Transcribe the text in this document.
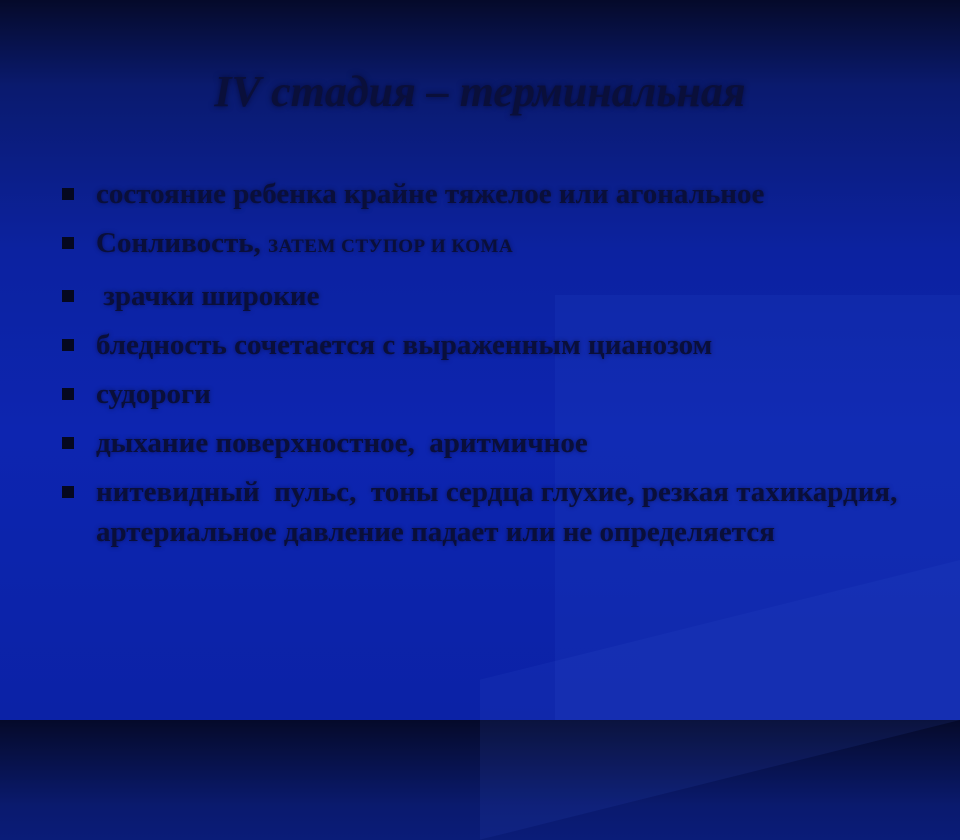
IV стадия – терминальная
состояние ребенка крайне тяжелое или агональное
Сонливость, ЗАТЕМ СТУПОР И КОМА
зрачки широкие
бледность сочетается с выраженным цианозом
судороги
дыхание поверхностное,  аритмичное
нитевидный  пульс,  тоны сердца глухие, резкая тахикардия,  артериальное давление падает или не определяется
